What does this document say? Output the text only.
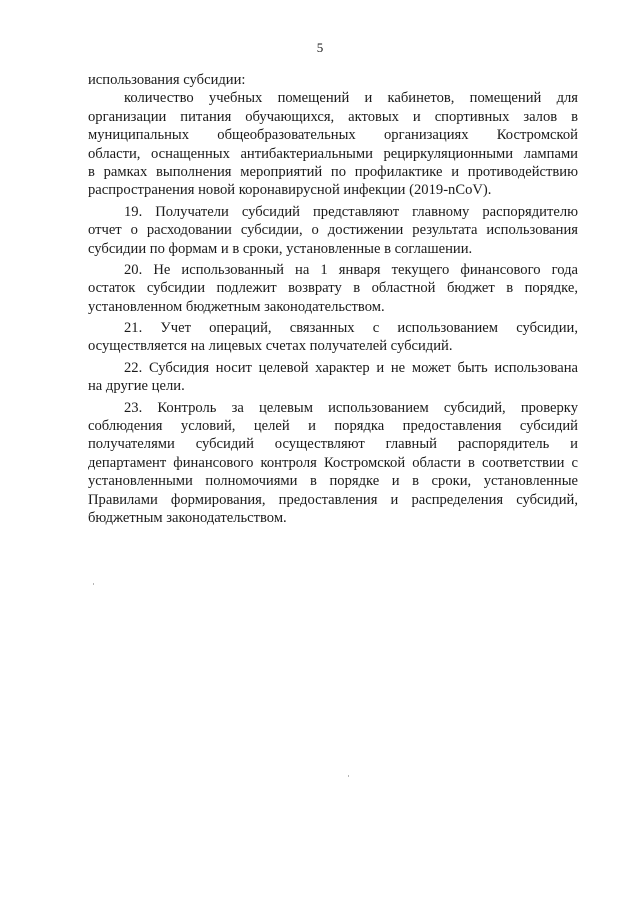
5

использования субсидии:

количество учебных помещений и кабинетов, помещений для
организации питания обучающихся, актовых и спортивных залов в
муниципальных общеобразовательных организациях Костромской
области, оснащенных антибактериальными рециркуляционными лампами
в рамках выполнения мероприятий по профилактике и противодействию
распространения новой коронавирусной инфекции (2019-nCoV).

19. Получатели субсидий представляют главному распорядителю
отчет о расходовании субсидии, о достижении результата использования
субсидии по формам и в сроки, установленные в соглашении.

20. Не использованный на 1 января текущего финансового года
остаток субсидии подлежит возврату в областной бюджет в порядке,
установленном бюджетным законодательством.

21. Учет операций, связанных с использованием субсидии,
осуществляется на лицевых счетах получателей субсидий.

22. Субсидия носит целевой характер и не может быть использована
на другие цели.

23. Контроль за целевым использованием субсидий, проверку
соблюдения условий, целей и порядка предоставления субсидий
получателями субсидий осуществляют главный распорядитель и
департамент финансового контроля Костромской области в соответствии с
установленными полномочиями в порядке и в сроки, установленные
Правилами формирования, предоставления и распределения субсидий,
бюджетным законодательством.
